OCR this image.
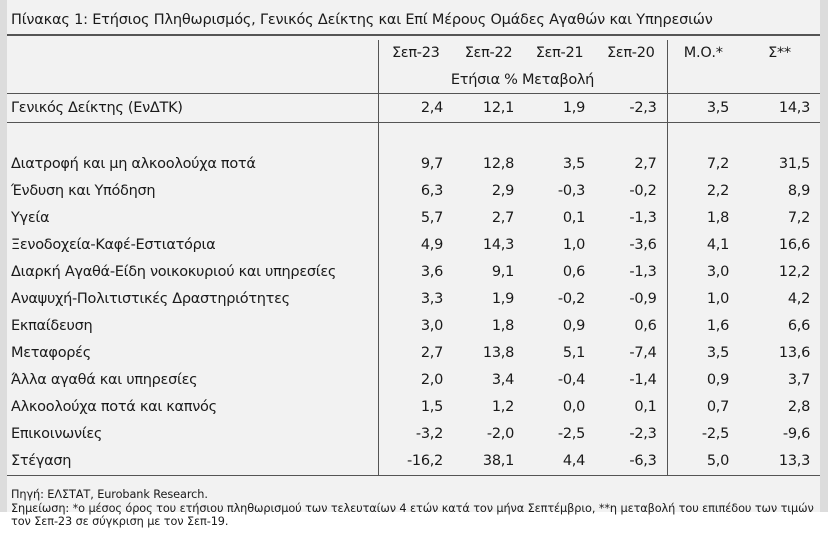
Πίνακας 1: Ετήσιος Πληθωρισμός, Γενικός Δείκτης και Επί Μέρους Ομάδες Αγαθών και Υπηρεσιών
	Σεπ-23	Σεπ-22	Σεπ-21	Σεπ-20	Μ.Ο.*	Σ**
	Ετήσια % Μεταβολή					
Γενικός Δείκτης (ΕνΔΤΚ)	2,4	12,1	1,9	-2,3	3,5	14,3

Διατροφή και μη αλκοολούχα ποτά	9,7	12,8	3,5	2,7	7,2	31,5
Ένδυση και Υπόδηση	6,3	2,9	-0,3	-0,2	2,2	8,9
Υγεία	5,7	2,7	0,1	-1,3	1,8	7,2
Ξενοδοχεία-Καφέ-Εστιατόρια	4,9	14,3	1,0	-3,6	4,1	16,6
Διαρκή Αγαθά-Είδη νοικοκυριού και υπηρεσίες	3,6	9,1	0,6	-1,3	3,0	12,2
Αναψυχή-Πολιτιστικές Δραστηριότητες	3,3	1,9	-0,2	-0,9	1,0	4,2
Εκπαίδευση	3,0	1,8	0,9	0,6	1,6	6,6
Μεταφορές	2,7	13,8	5,1	-7,4	3,5	13,6
Άλλα αγαθά και υπηρεσίες	2,0	3,4	-0,4	-1,4	0,9	3,7
Αλκοολούχα ποτά και καπνός	1,5	1,2	0,0	0,1	0,7	2,8
Επικοινωνίες	-3,2	-2,0	-2,5	-2,3	-2,5	-9,6
Στέγαση	-16,2	38,1	4,4	-6,3	5,0	13,3
Πηγή: ΕΛΣΤΑΤ, Eurobank Research.
Σημείωση: *ο μέσος όρος του ετήσιου πληθωρισμού των τελευταίων 4 ετών κατά τον μήνα Σεπτέμβριο, **η μεταβολή του επιπέδου των τιμών τον Σεπ-23 σε σύγκριση με τον Σεπ-19.
